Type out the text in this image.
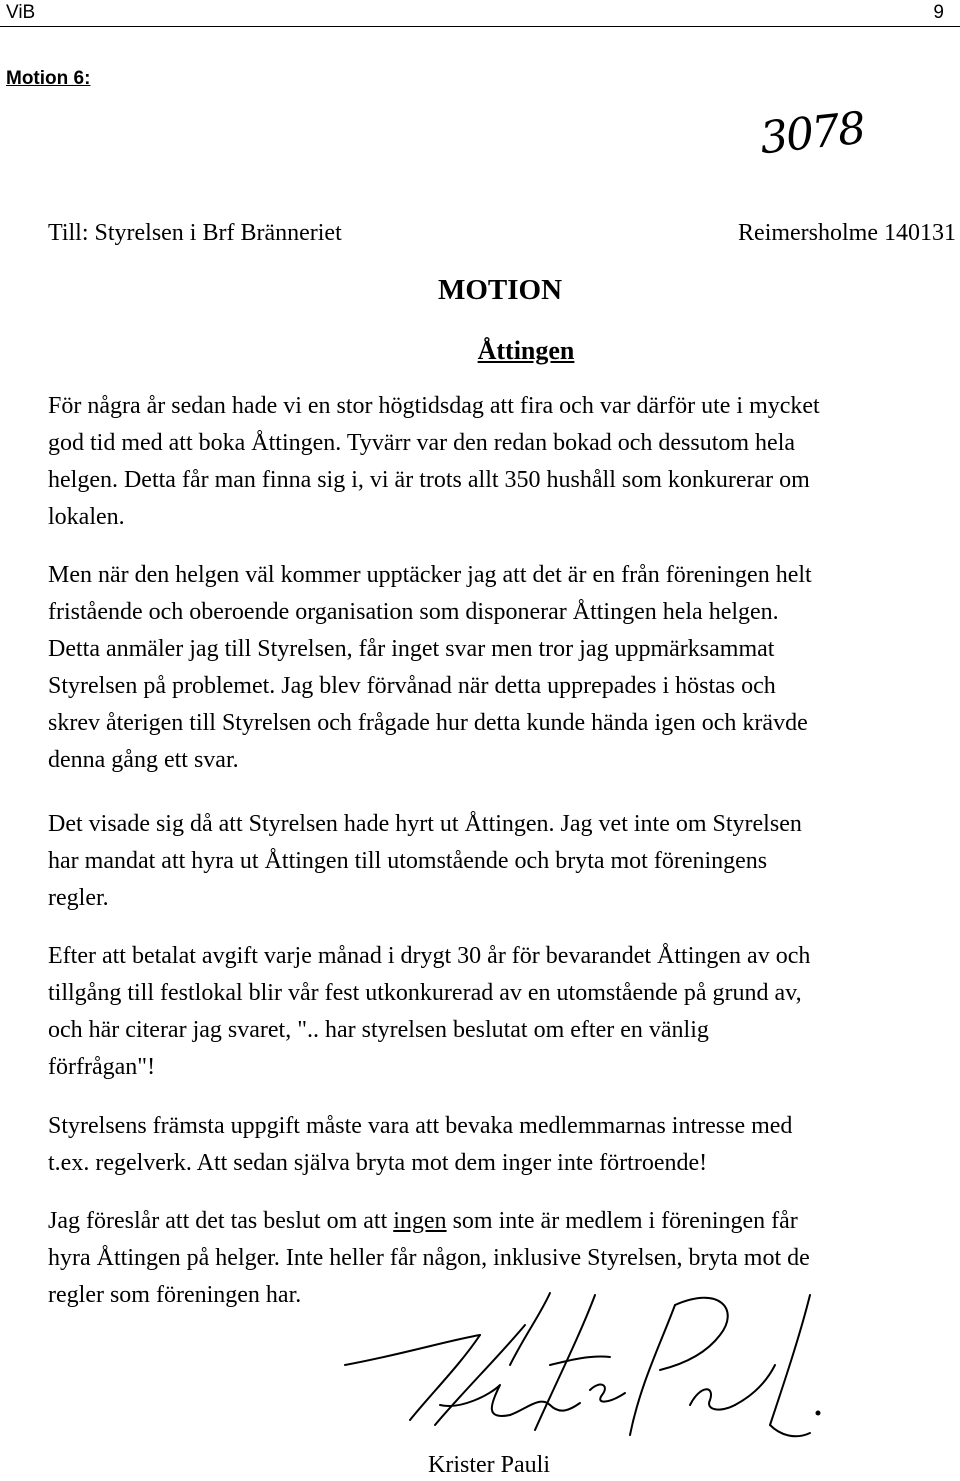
ViB	9
Motion 6:
3078
Till: Styrelsen i Brf Bränneriet	Reimersholme 140131
MOTION
Åttingen
För några år sedan hade vi en stor högtidsdag att fira och var därför ute i mycket
god tid med att boka Åttingen. Tyvärr var den redan bokad och dessutom hela
helgen. Detta får man finna sig i, vi är trots allt 350 hushåll som konkurerar om
lokalen.
Men när den helgen väl kommer upptäcker jag att det är en från föreningen helt
fristående och oberoende organisation som disponerar Åttingen hela helgen.
Detta anmäler jag till Styrelsen, får inget svar men tror jag uppmärksammat
Styrelsen på problemet. Jag blev förvånad när detta upprepades i höstas och
skrev återigen till Styrelsen och frågade hur detta kunde hända igen och krävde
denna gång ett svar.
Det visade sig då att Styrelsen hade hyrt ut Åttingen. Jag vet inte om Styrelsen
har mandat att hyra ut Åttingen till utomstående och bryta mot föreningens
regler.
Efter att betalat avgift varje månad i drygt 30 år för bevarandet Åttingen av och
tillgång till festlokal blir vår fest utkonkurerad av en utomstående på grund av,
och här citerar jag svaret, ".. har styrelsen beslutat om efter en vänlig
förfrågan"!
Styrelsens främsta uppgift måste vara att bevaka medlemmarnas intresse med
t.ex. regelverk. Att sedan själva bryta mot dem inger inte förtroende!
Jag föreslår att det tas beslut om att ingen som inte är medlem i föreningen får
hyra Åttingen på helger. Inte heller får någon, inklusive Styrelsen, bryta mot de
regler som föreningen har.
Krister Pauli
